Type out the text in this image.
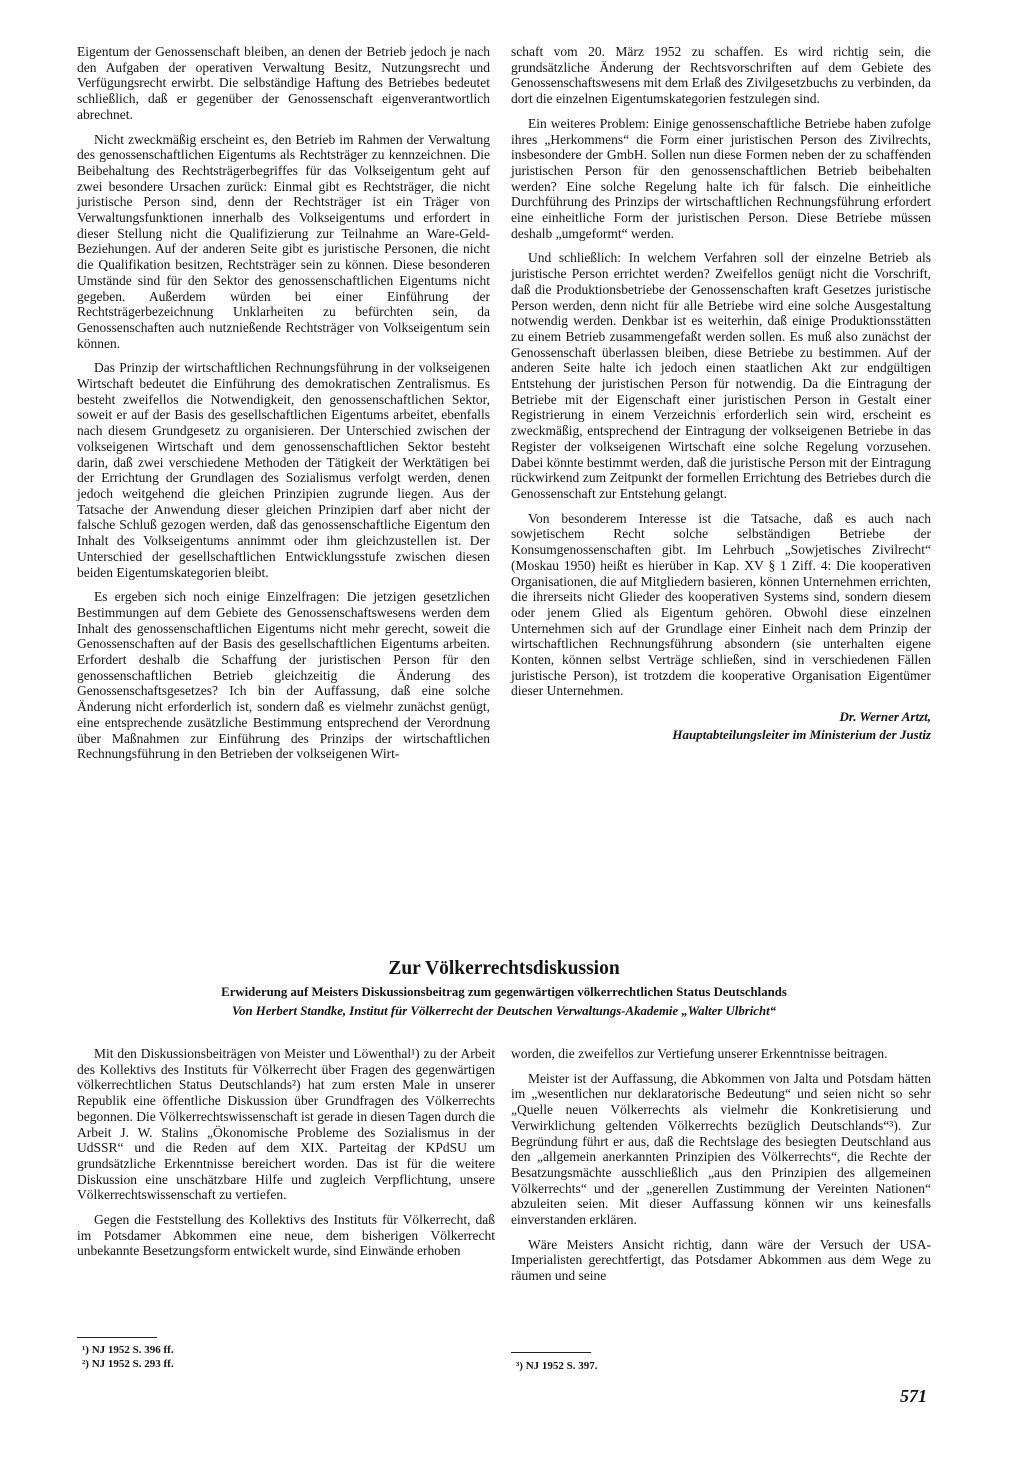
Eigentum der Genossenschaft bleiben, an denen der Betrieb jedoch je nach den Aufgaben der operativen Verwaltung Besitz, Nutzungsrecht und Verfügungsrecht erwirbt. Die selbständige Haftung des Betriebes bedeutet schließlich, daß er gegenüber der Genossenschaft eigenverantwortlich abrechnet.

Nicht zweckmäßig erscheint es, den Betrieb im Rahmen der Verwaltung des genossenschaftlichen Eigentums als Rechtsträger zu kennzeichnen. Die Beibehaltung des Rechtsträgerbegriffes für das Volkseigentum geht auf zwei besondere Ursachen zurück: Einmal gibt es Rechtsträger, die nicht juristische Person sind, denn der Rechtsträger ist ein Träger von Verwaltungsfunktionen innerhalb des Volkseigentums und erfordert in dieser Stellung nicht die Qualifizierung zur Teilnahme an Ware-Geld-Beziehungen. Auf der anderen Seite gibt es juristische Personen, die nicht die Qualifikation besitzen, Rechtsträger sein zu können. Diese besonderen Umstände sind für den Sektor des genossenschaftlichen Eigentums nicht gegeben. Außerdem würden bei einer Einführung der Rechtsträgerbezeichnung Unklarheiten zu befürchten sein, da Genossenschaften auch nutznießende Rechtsträger von Volkseigentum sein können.

Das Prinzip der wirtschaftlichen Rechnungsführung in der volkseigenen Wirtschaft bedeutet die Einführung des demokratischen Zentralismus. Es besteht zweifellos die Notwendigkeit, den genossenschaftlichen Sektor, soweit er auf der Basis des gesellschaftlichen Eigentums arbeitet, ebenfalls nach diesem Grundgesetz zu organisieren. Der Unterschied zwischen der volkseigenen Wirtschaft und dem genossenschaftlichen Sektor besteht darin, daß zwei verschiedene Methoden der Tätigkeit der Werktätigen bei der Errichtung der Grundlagen des Sozialismus verfolgt werden, denen jedoch weitgehend die gleichen Prinzipien zugrunde liegen. Aus der Tatsache der Anwendung dieser gleichen Prinzipien darf aber nicht der falsche Schluß gezogen werden, daß das genossenschaftliche Eigentum den Inhalt des Volkseigentums annimmt oder ihm gleichzustellen ist. Der Unterschied der gesellschaftlichen Entwicklungsstufe zwischen diesen beiden Eigentumskategorien bleibt.

Es ergeben sich noch einige Einzelfragen: Die jetzigen gesetzlichen Bestimmungen auf dem Gebiete des Genossenschaftswesens werden dem Inhalt des genossenschaftlichen Eigentums nicht mehr gerecht, soweit die Genossenschaften auf der Basis des gesellschaftlichen Eigentums arbeiten. Erfordert deshalb die Schaffung der juristischen Person für den genossenschaftlichen Betrieb gleichzeitig die Änderung des Genossenschaftsgesetzes? Ich bin der Auffassung, daß eine solche Änderung nicht erforderlich ist, sondern daß es vielmehr zunächst genügt, eine entsprechende zusätzliche Bestimmung entsprechend der Verordnung über Maßnahmen zur Einführung des Prinzips der wirtschaftlichen Rechnungsführung in den Betrieben der volkseigenen Wirt-

schaft vom 20. März 1952 zu schaffen. Es wird richtig sein, die grundsätzliche Änderung der Rechtsvorschriften auf dem Gebiete des Genossenschaftswesens mit dem Erlaß des Zivilgesetzbuchs zu verbinden, da dort die einzelnen Eigentumskategorien festzulegen sind.

Ein weiteres Problem: Einige genossenschaftliche Betriebe haben zufolge ihres „Herkommens“ die Form einer juristischen Person des Zivilrechts, insbesondere der GmbH. Sollen nun diese Formen neben der zu schaffenden juristischen Person für den genossenschaftlichen Betrieb beibehalten werden? Eine solche Regelung halte ich für falsch. Die einheitliche Durchführung des Prinzips der wirtschaftlichen Rechnungsführung erfordert eine einheitliche Form der juristischen Person. Diese Betriebe müssen deshalb „umgeformt“ werden.

Und schließlich: In welchem Verfahren soll der einzelne Betrieb als juristische Person errichtet werden? Zweifellos genügt nicht die Vorschrift, daß die Produktionsbetriebe der Genossenschaften kraft Gesetzes juristische Person werden, denn nicht für alle Betriebe wird eine solche Ausgestaltung notwendig werden. Denkbar ist es weiterhin, daß einige Produktionsstätten zu einem Betrieb zusammengefaßt werden sollen. Es muß also zunächst der Genossenschaft überlassen bleiben, diese Betriebe zu bestimmen. Auf der anderen Seite halte ich jedoch einen staatlichen Akt zur endgültigen Entstehung der juristischen Person für notwendig. Da die Eintragung der Betriebe mit der Eigenschaft einer juristischen Person in Gestalt einer Registrierung in einem Verzeichnis erforderlich sein wird, erscheint es zweckmäßig, entsprechend der Eintragung der volkseigenen Betriebe in das Register der volkseigenen Wirtschaft eine solche Regelung vorzusehen. Dabei könnte bestimmt werden, daß die juristische Person mit der Eintragung rückwirkend zum Zeitpunkt der formellen Errichtung des Betriebes durch die Genossenschaft zur Entstehung gelangt.

Von besonderem Interesse ist die Tatsache, daß es auch nach sowjetischem Recht solche selbständigen Betriebe der Konsumgenossenschaften gibt. Im Lehrbuch „Sowjetisches Zivilrecht“ (Moskau 1950) heißt es hierüber in Kap. XV § 1 Ziff. 4: Die kooperativen Organisationen, die auf Mitgliedern basieren, können Unternehmen errichten, die ihrerseits nicht Glieder des kooperativen Systems sind, sondern diesem oder jenem Glied als Eigentum gehören. Obwohl diese einzelnen Unternehmen sich auf der Grundlage einer Einheit nach dem Prinzip der wirtschaftlichen Rechnungsführung absondern (sie unterhalten eigene Konten, können selbst Verträge schließen, sind in verschiedenen Fällen juristische Person), ist trotzdem die kooperative Organisation Eigentümer dieser Unternehmen.

Dr. Werner Artzt,
Hauptabteilungsleiter im Ministerium der Justiz
Zur Völkerrechtsdiskussion
Erwiderung auf Meisters Diskussionsbeitrag zum gegenwärtigen völkerrechtlichen Status Deutschlands
Von Herbert Standke, Institut für Völkerrecht der Deutschen Verwaltungs-Akademie „Walter Ulbricht“

Mit den Diskussionsbeiträgen von Meister und Löwenthal¹) zu der Arbeit des Kollektivs des Instituts für Völkerrecht über Fragen des gegenwärtigen völkerrechtlichen Status Deutschlands²) hat zum ersten Male in unserer Republik eine öffentliche Diskussion über Grundfragen des Völkerrechts begonnen. Die Völkerrechtswissenschaft ist gerade in diesen Tagen durch die Arbeit J. W. Stalins „Ökonomische Probleme des Sozialismus in der UdSSR“ und die Reden auf dem XIX. Parteitag der KPdSU um grundsätzliche Erkenntnisse bereichert worden. Das ist für die weitere Diskussion eine unschätzbare Hilfe und zugleich Verpflichtung, unsere Völkerrechtswissenschaft zu vertiefen.

Gegen die Feststellung des Kollektivs des Instituts für Völkerrecht, daß im Potsdamer Abkommen eine neue, dem bisherigen Völkerrecht unbekannte Besetzungsform entwickelt wurde, sind Einwände erhoben

worden, die zweifellos zur Vertiefung unserer Erkenntnisse beitragen.

Meister ist der Auffassung, die Abkommen von Jalta und Potsdam hätten im „wesentlichen nur deklaratorische Bedeutung“ und seien nicht so sehr „Quelle neuen Völkerrechts als vielmehr die Konkretisierung und Verwirklichung geltenden Völkerrechts bezüglich Deutschlands“³). Zur Begründung führt er aus, daß die Rechtslage des besiegten Deutschland aus den „allgemein anerkannten Prinzipien des Völkerrechts“, die Rechte der Besatzungsmächte ausschließlich „aus den Prinzipien des allgemeinen Völkerrechts“ und der „generellen Zustimmung der Vereinten Nationen“ abzuleiten seien. Mit dieser Auffassung können wir uns keinesfalls einverstanden erklären.

Wäre Meisters Ansicht richtig, dann wäre der Versuch der USA-Imperialisten gerechtfertigt, das Potsdamer Abkommen aus dem Wege zu räumen und seine

¹) NJ 1952 S. 396 ff.
²) NJ 1952 S. 293 ff.	³) NJ 1952 S. 397.
571
